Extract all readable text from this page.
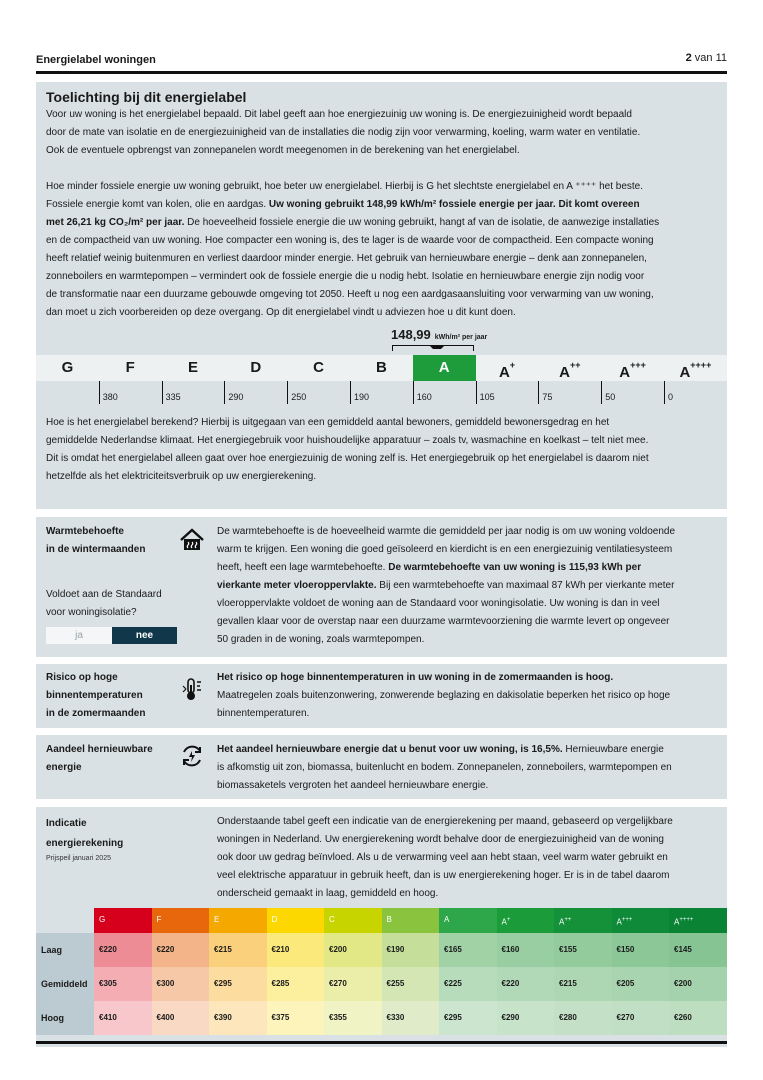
Energielabel woningen	2 van 11
Toelichting bij dit energielabel
Voor uw woning is het energielabel bepaald. Dit label geeft aan hoe energiezuinig uw woning is. De energiezuinigheid wordt bepaald
door de mate van isolatie en de energiezuinigheid van de installaties die nodig zijn voor verwarming, koeling, warm water en ventilatie.
Ook de eventuele opbrengst van zonnepanelen wordt meegenomen in de berekening van het energielabel.
Hoe minder fossiele energie uw woning gebruikt, hoe beter uw energielabel. Hierbij is G het slechtste energielabel en A ⁺⁺⁺⁺ het beste.
Fossiele energie komt van kolen, olie en aardgas. Uw woning gebruikt 148,99 kWh/m² fossiele energie per jaar. Dit komt overeen
met 26,21 kg CO₂/m² per jaar. De hoeveelheid fossiele energie die uw woning gebruikt, hangt af van de isolatie, de aanwezige installaties
en de compactheid van uw woning. Hoe compacter een woning is, des te lager is de waarde voor de compactheid. Een compacte woning
heeft relatief weinig buitenmuren en verliest daardoor minder energie. Het gebruik van hernieuwbare energie – denk aan zonnepanelen,
zonneboilers en warmtepompen – vermindert ook de fossiele energie die u nodig hebt. Isolatie en hernieuwbare energie zijn nodig voor
de transformatie naar een duurzame gebouwde omgeving tot 2050. Heeft u nog een aardgasaansluiting voor verwarming van uw woning,
dan moet u zich voorbereiden op deze overgang. Op dit energielabel vindt u adviezen hoe u dit kunt doen.
148,99 kWh/m² per jaar
G	F	E	D	C	B	A	A+	A++	A+++	A++++
380	335	290	250	190	160	105	75	50	0
Hoe is het energielabel berekend? Hierbij is uitgegaan van een gemiddeld aantal bewoners, gemiddeld bewonersgedrag en het
gemiddelde Nederlandse klimaat. Het energiegebruik voor huishoudelijke apparatuur – zoals tv, wasmachine en koelkast – telt niet mee.
Dit is omdat het energielabel alleen gaat over hoe energiezuinig de woning zelf is. Het energiegebruik op het energielabel is daarom niet
hetzelfde als het elektriciteitsverbruik op uw energierekening.
Warmtebehoefte
in de wintermaanden
Voldoet aan de Standaard
voor woningisolatie?
ja	nee
De warmtebehoefte is de hoeveelheid warmte die gemiddeld per jaar nodig is om uw woning voldoende
warm te krijgen. Een woning die goed geïsoleerd en kierdicht is en een energiezuinig ventilatiesysteem
heeft, heeft een lage warmtebehoefte. De warmtebehoefte van uw woning is 115,93 kWh per
vierkante meter vloeroppervlakte. Bij een warmtebehoefte van maximaal 87 kWh per vierkante meter
vloeroppervlakte voldoet de woning aan de Standaard voor woningisolatie. Uw woning is dan in veel
gevallen klaar voor de overstap naar een duurzame warmtevoorziening die warmte levert op ongeveer
50 graden in de woning, zoals warmtepompen.
Risico op hoge
binnentemperaturen
in de zomermaanden
Het risico op hoge binnentemperaturen in uw woning in de zomermaanden is hoog.
Maatregelen zoals buitenzonwering, zonwerende beglazing en dakisolatie beperken het risico op hoge
binnentemperaturen.
Aandeel hernieuwbare
energie
Het aandeel hernieuwbare energie dat u benut voor uw woning, is 16,5%. Hernieuwbare energie
is afkomstig uit zon, biomassa, buitenlucht en bodem. Zonnepanelen, zonneboilers, warmtepompen en
biomassaketels vergroten het aandeel hernieuwbare energie.
Indicatie
energierekening
Prijspeil januari 2025
Onderstaande tabel geeft een indicatie van de energierekening per maand, gebaseerd op vergelijkbare
woningen in Nederland. Uw energierekening wordt behalve door de energiezuinigheid van de woning
ook door uw gedrag beïnvloed. Als u de verwarming veel aan hebt staan, veel warm water gebruikt en
veel elektrische apparatuur in gebruik heeft, dan is uw energierekening hoger. Er is in de tabel daarom
onderscheid gemaakt in laag, gemiddeld en hoog.
G	F	E	D	C	B	A	A+	A++	A+++	A++++
Laag	€220	€220	€215	€210	€200	€190	€165	€160	€155	€150	€145
Gemiddeld	€305	€300	€295	€285	€270	€255	€225	€220	€215	€205	€200
Hoog	€410	€400	€390	€375	€355	€330	€295	€290	€280	€270	€260
